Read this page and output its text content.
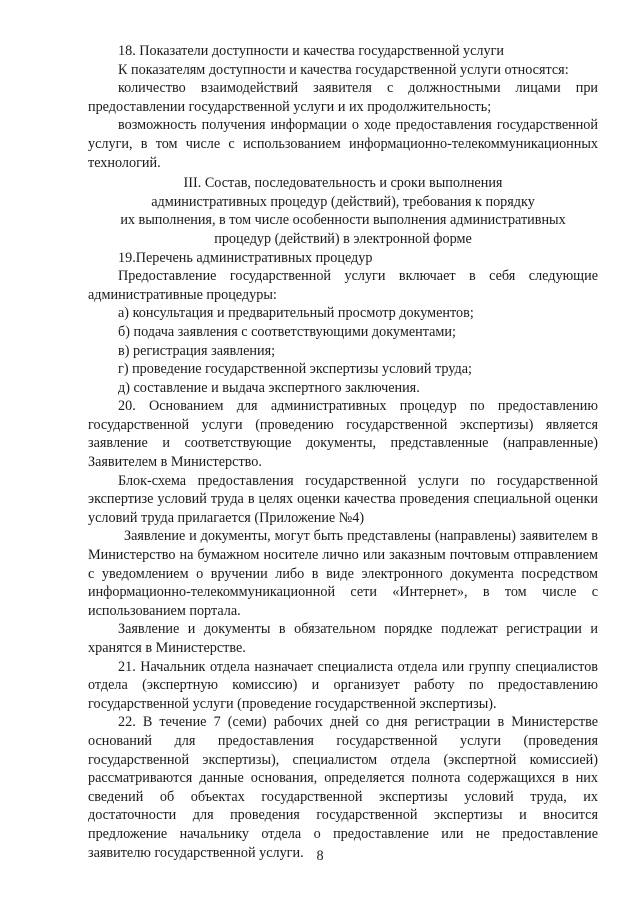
18. Показатели доступности и качества государственной услуги

К показателям доступности и качества государственной услуги относятся:

количество взаимодействий заявителя с должностными лицами при предоставлении государственной услуги и их продолжительность;

возможность получения информации о ходе предоставления государственной услуги, в том числе с использованием информационно-телекоммуникационных технологий.

III. Состав, последовательность и сроки выполнения
административных процедур (действий), требования к порядку
их выполнения, в том числе особенности выполнения административных
процедур (действий) в электронной форме

19.Перечень административных процедур

Предоставление государственной услуги включает в себя следующие административные процедуры:

а) консультация и предварительный просмотр документов;

б) подача заявления с соответствующими документами;

в) регистрация заявления;

г) проведение государственной экспертизы условий труда;

д) составление и выдача экспертного заключения.

20. Основанием для административных процедур по предоставлению государственной услуги (проведению государственной экспертизы) является заявление и соответствующие документы, представленные (направленные) Заявителем в Министерство.

Блок-схема предоставления государственной услуги по государственной экспертизе условий труда в целях оценки качества проведения специальной оценки условий труда прилагается (Приложение №4)

Заявление и документы, могут быть представлены (направлены) заявителем в Министерство на бумажном носителе лично или заказным почтовым отправлением с уведомлением о вручении либо в виде электронного документа посредством информационно-телекоммуникационной сети «Интернет», в том числе с использованием портала.

Заявление и документы в обязательном порядке подлежат регистрации и хранятся в Министерстве.

21. Начальник отдела назначает специалиста отдела или группу специалистов отдела (экспертную комиссию) и организует работу по предоставлению государственной услуги (проведение государственной экспертизы).

22. В течение 7 (семи) рабочих дней со дня регистрации в Министерстве оснований для предоставления государственной услуги (проведения государственной экспертизы), специалистом отдела (экспертной комиссией) рассматриваются данные основания, определяется полнота содержащихся в них сведений об объектах государственной экспертизы условий труда, их достаточности для проведения государственной экспертизы и вносится предложение начальнику отдела о предоставление или не предоставление заявителю государственной услуги. 8
